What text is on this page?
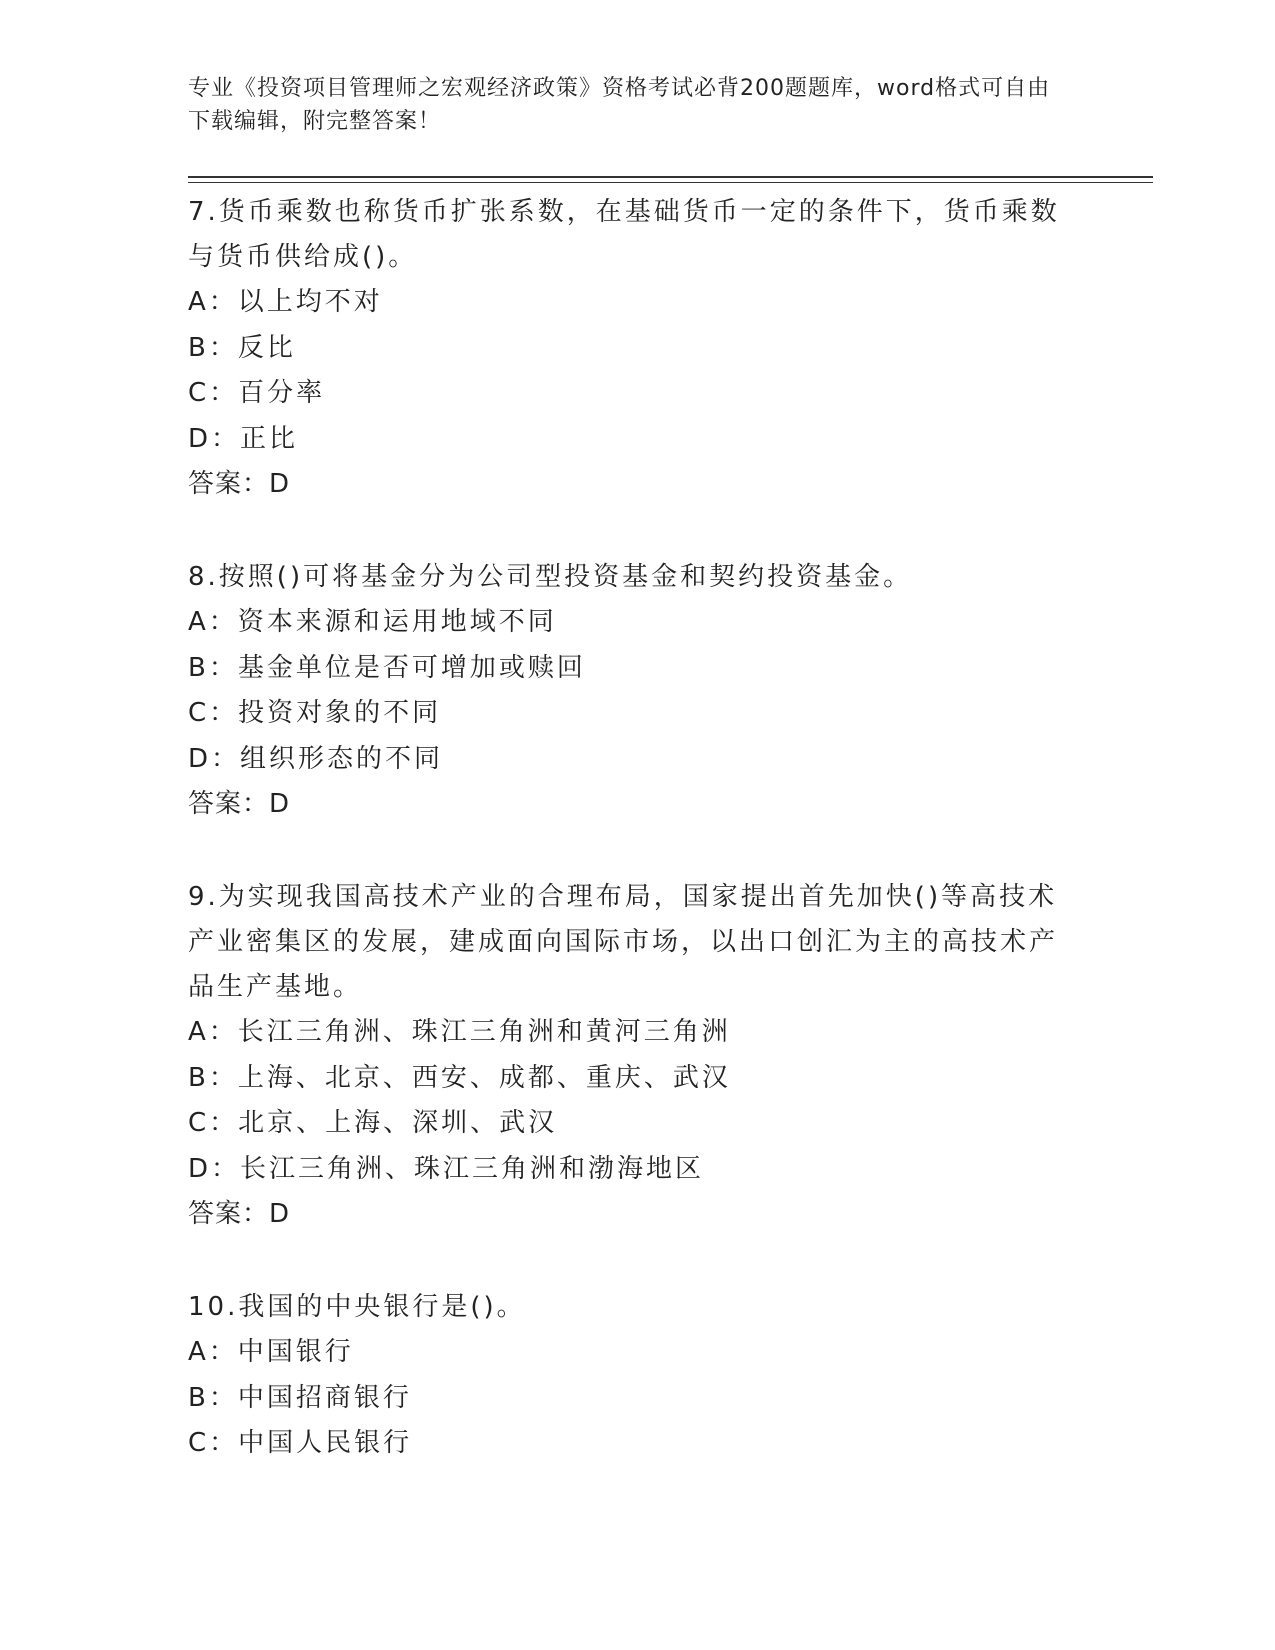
专业《投资项目管理师之宏观经济政策》资格考试必背200题题库，word格式可自由下载编辑，附完整答案！
7.货币乘数也称货币扩张系数，在基础货币一定的条件下，货币乘数与货币供给成()。
A：以上均不对
B：反比
C：百分率
D：正比
答案：D
8.按照()可将基金分为公司型投资基金和契约投资基金。
A：资本来源和运用地域不同
B：基金单位是否可增加或赎回
C：投资对象的不同
D：组织形态的不同
答案：D
9.为实现我国高技术产业的合理布局，国家提出首先加快()等高技术产业密集区的发展，建成面向国际市场，以出口创汇为主的高技术产品生产基地。
A：长江三角洲、珠江三角洲和黄河三角洲
B：上海、北京、西安、成都、重庆、武汉
C：北京、上海、深圳、武汉
D：长江三角洲、珠江三角洲和渤海地区
答案：D
10.我国的中央银行是()。
A：中国银行
B：中国招商银行
C：中国人民银行
